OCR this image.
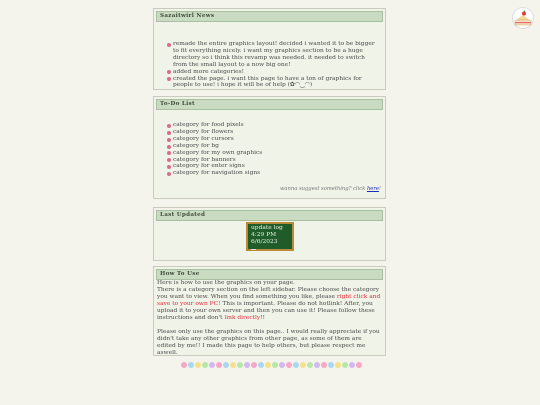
Sazaitwirl News
remade the entire graphics layout! decided i wanted it to be bigger to fit everything nicely. i want my graphics section to be a huge directory so i think this revamp was needed. it needed to switch from the small layout to a now big one!
added more categories!
created the page. i want this page to have a ton of graphics for people to use! i hope it will be of help (✿◠‿◠)
To-Do List
category for food pixels
category for flowers
category for cursors
category for bg
category for my own graphics
category for banners
category for enter signs
category for navigation signs
wanna suggest something? click here!
Last Updated
update log
4:29 PM
6/6/2023
How To Use
Here is how to use the graphics on your page.
There is a category section on the left sidebar. Please choose the category you want to view. When you find something you like, please right click and save to your own PC! This is important. Please do not hotlink! After, you upload it to your own server and then you can use it! Please follow these instructions and don't link directly!!
Please only use the graphics on this page.. I would really appreciate if you didn't take any other graphics from other page, as some of them are edited by me!! I made this page to help others, but please respect me aswell.
